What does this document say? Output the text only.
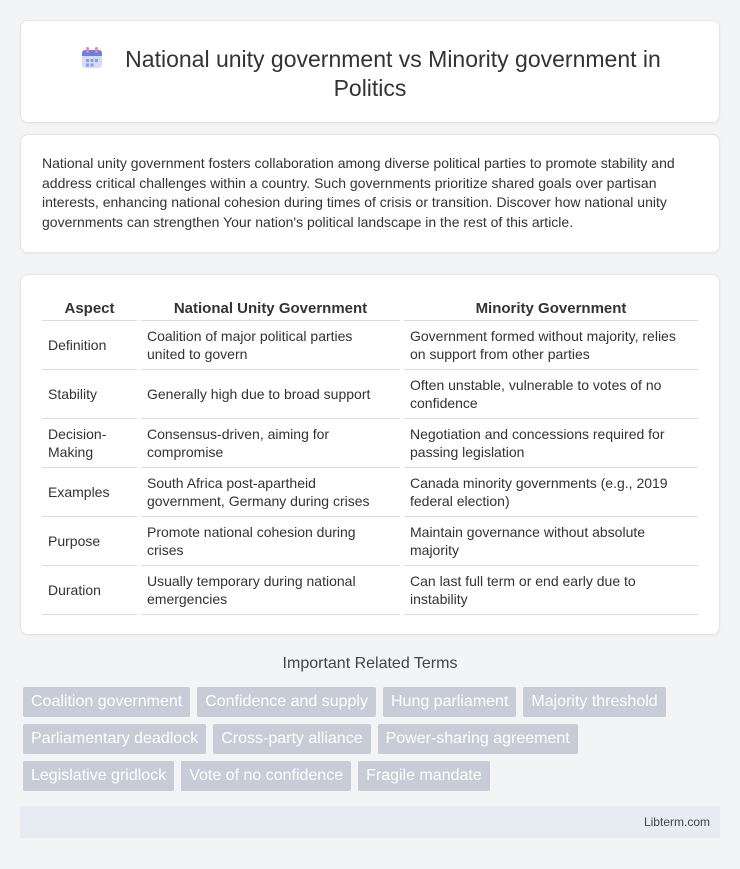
National unity government vs Minority government in Politics

National unity government fosters collaboration among diverse political parties to promote stability and address critical challenges within a country. Such governments prioritize shared goals over partisan interests, enhancing national cohesion during times of crisis or transition. Discover how national unity governments can strengthen Your nation's political landscape in the rest of this article.

Aspect	National Unity Government	Minority Government
Definition	Coalition of major political parties united to govern	Government formed without majority, relies on support from other parties
Stability	Generally high due to broad support	Often unstable, vulnerable to votes of no confidence
Decision-Making	Consensus-driven, aiming for compromise	Negotiation and concessions required for passing legislation
Examples	South Africa post-apartheid government, Germany during crises	Canada minority governments (e.g., 2019 federal election)
Purpose	Promote national cohesion during crises	Maintain governance without absolute majority
Duration	Usually temporary during national emergencies	Can last full term or end early due to instability
Important Related Terms
Coalition government	Confidence and supply	Hung parliament	Majority threshold
Parliamentary deadlock	Cross-party alliance	Power-sharing agreement
Legislative gridlock	Vote of no confidence	Fragile mandate
Libterm.com
